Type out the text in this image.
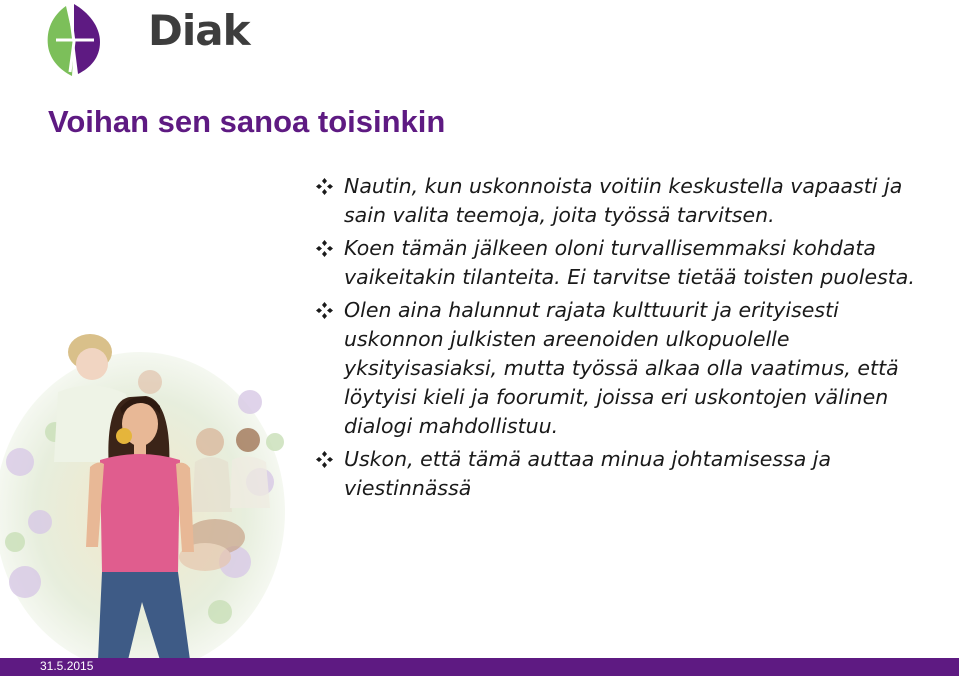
Diak
Voihan sen sanoa toisinkin
Nautin, kun uskonnoista voitiin keskustella vapaasti ja sain valita teemoja, joita työssä tarvitsen.
Koen tämän jälkeen oloni turvallisemmaksi kohdata vaikeitakin tilanteita. Ei tarvitse tietää toisten puolesta.
Olen aina halunnut rajata kulttuurit ja erityisesti uskonnon julkisten areenoiden ulkopuolelle yksityisasiaksi, mutta työssä alkaa olla vaatimus, että löytyisi kieli ja foorumit, joissa eri uskontojen välinen dialogi mahdollistuu.
Uskon, että tämä auttaa minua johtamisessa ja viestinnässä
31.5.2015
